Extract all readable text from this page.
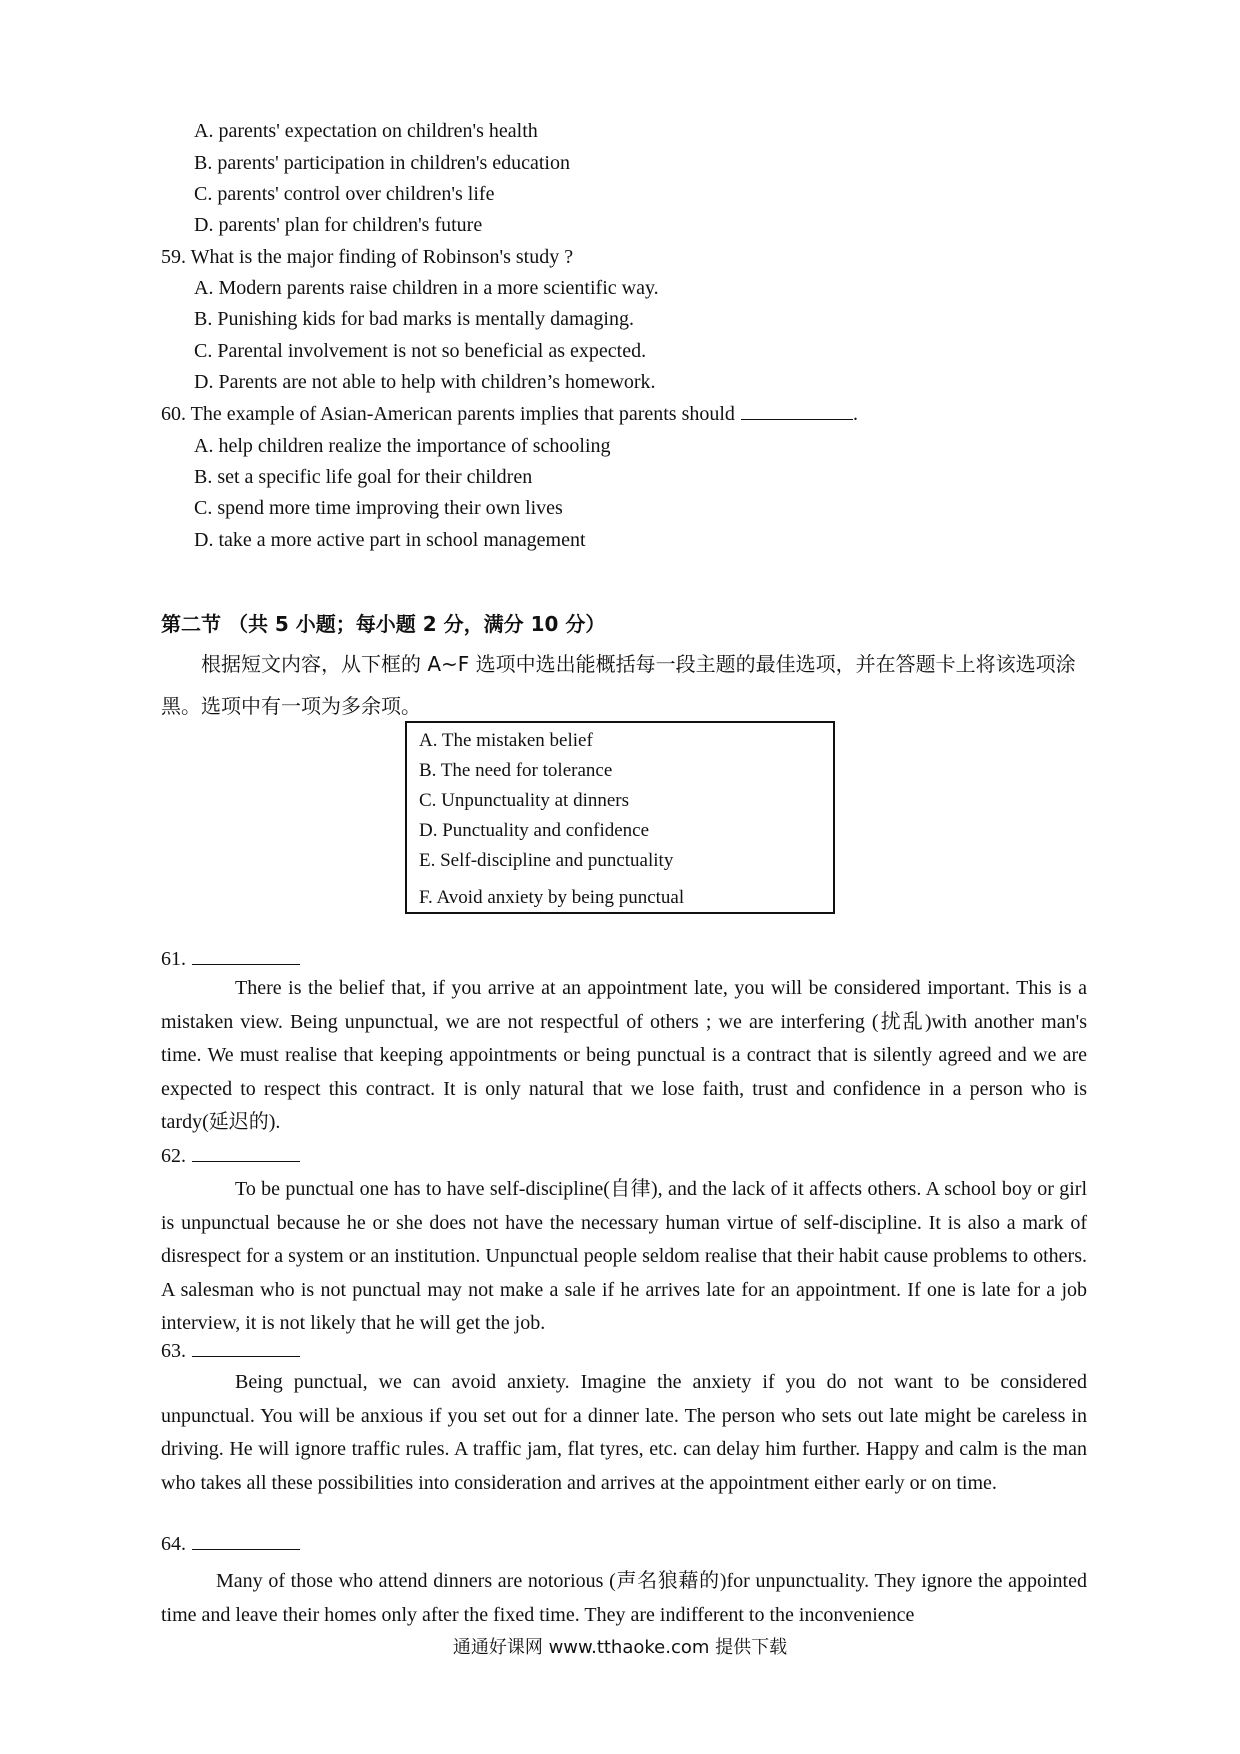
A. parents' expectation on children's health
B. parents' participation in children's education
C. parents' control over children's life
D. parents' plan for children's future
59. What is the major finding of Robinson's study ?
A. Modern parents raise children in a more scientific way.
B. Punishing kids for bad marks is mentally damaging.
C. Parental involvement is not so beneficial as expected.
D. Parents are not able to help with children’s homework.
60. The example of Asian-American parents implies that parents should	.
A. help children realize the importance of schooling
B. set a specific life goal for their children
C. spend more time improving their own lives
D. take a more active part in school management
第二节 （共 5 小题；每小题 2 分，满分 10 分）
根据短文内容，从下框的 A~F 选项中选出能概括每一段主题的最佳选项，并在答题卡上将该选项涂黑。选项中有一项为多余项。
A. The mistaken belief
B. The need for tolerance
C. Unpunctuality at dinners
D. Punctuality and confidence
E. Self-discipline and punctuality
F. Avoid anxiety by being punctual
61.
There is the belief that, if you arrive at an appointment late, you will be considered important. This is a mistaken view. Being unpunctual, we are not respectful of others ; we are interfering (扰乱)with another man's time. We must realise that keeping appointments or being punctual is a contract that is silently agreed and we are expected to respect this contract. It is only natural that we lose faith, trust and confidence in a person who is tardy(延迟的).
62.
To be punctual one has to have self-discipline(自律), and the lack of it affects others. A school boy or girl is unpunctual because he or she does not have the necessary human virtue of self-discipline. It is also a mark of disrespect for a system or an institution. Unpunctual people seldom realise that their habit cause problems to others. A salesman who is not punctual may not make a sale if he arrives late for an appointment. If one is late for a job interview, it is not likely that he will get the job.
63.
Being punctual, we can avoid anxiety. Imagine the anxiety if you do not want to be considered unpunctual. You will be anxious if you set out for a dinner late. The person who sets out late might be careless in driving. He will ignore traffic rules. A traffic jam, flat tyres, etc. can delay him further. Happy and calm is the man who takes all these possibilities into consideration and arrives at the appointment either early or on time.
64.
Many of those who attend dinners are notorious (声名狼藉的)for unpunctuality. They ignore the appointed time and leave their homes only after the fixed time. They are indifferent to the inconvenience
通通好课网 www.tthaoke.com 提供下载
